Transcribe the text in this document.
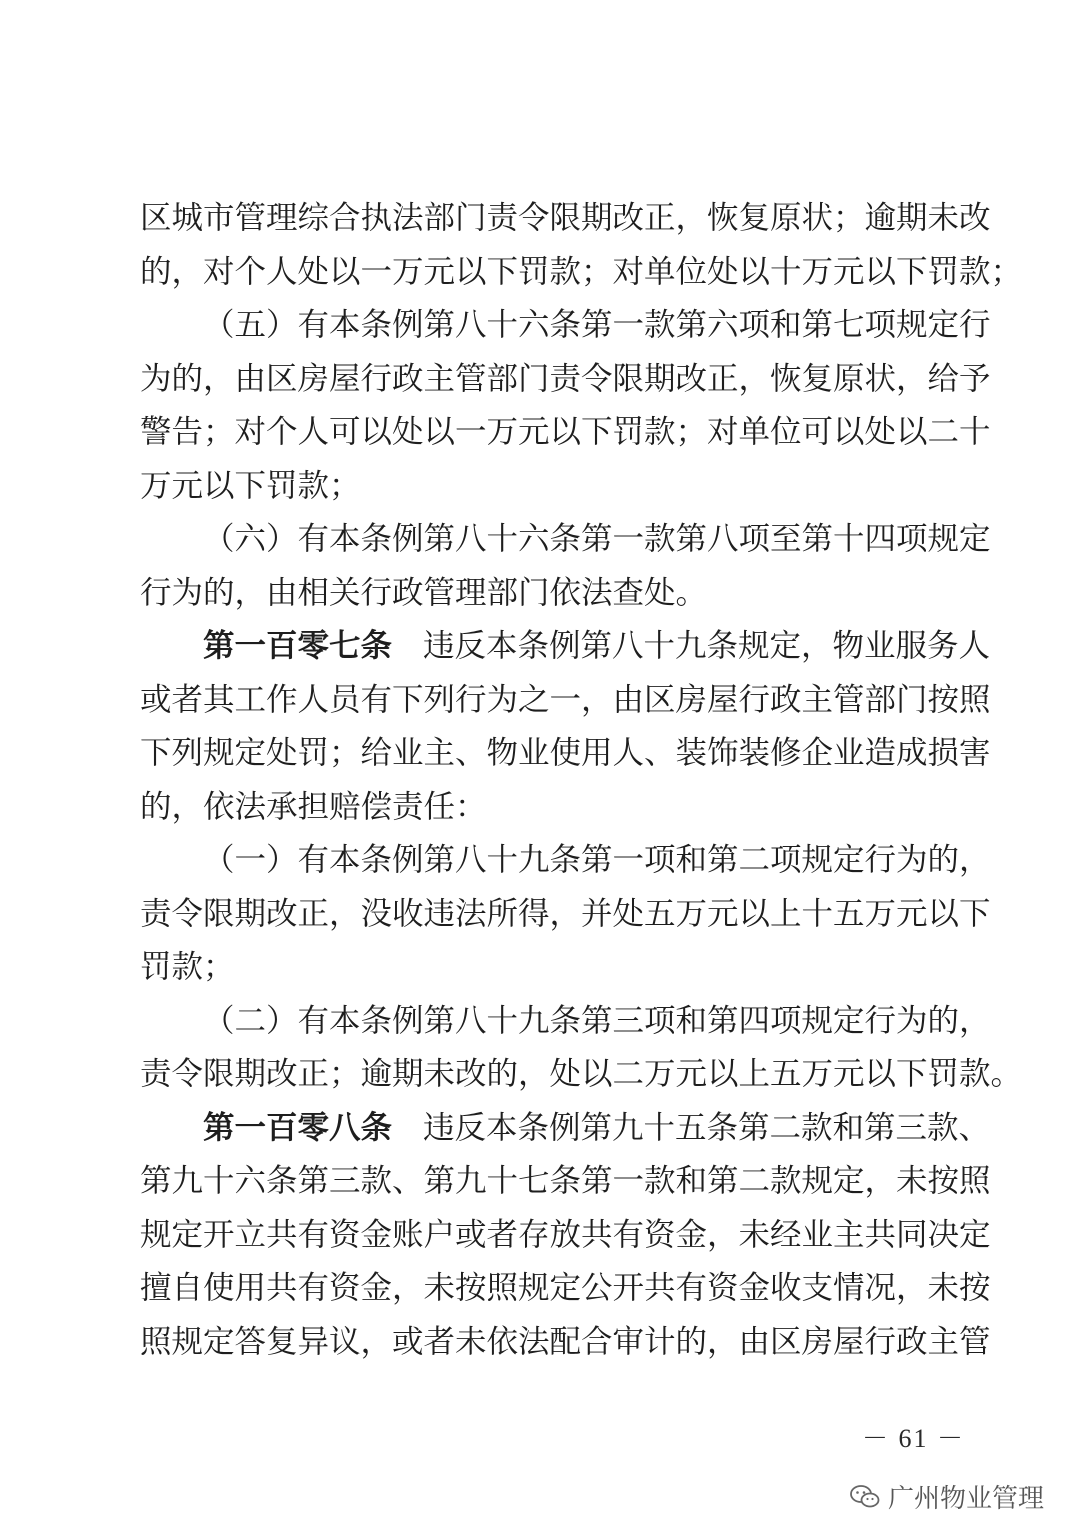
区城市管理综合执法部门责令限期改正，恢复原状；逾期未改
的，对个人处以一万元以下罚款；对单位处以十万元以下罚款；
（五）有本条例第八十六条第一款第六项和第七项规定行
为的，由区房屋行政主管部门责令限期改正，恢复原状，给予
警告；对个人可以处以一万元以下罚款；对单位可以处以二十
万元以下罚款；
（六）有本条例第八十六条第一款第八项至第十四项规定
行为的，由相关行政管理部门依法查处。
第一百零七条 违反本条例第八十九条规定，物业服务人
或者其工作人员有下列行为之一，由区房屋行政主管部门按照
下列规定处罚；给业主、物业使用人、装饰装修企业造成损害
的，依法承担赔偿责任：
（一）有本条例第八十九条第一项和第二项规定行为的，
责令限期改正，没收违法所得，并处五万元以上十五万元以下
罚款；
（二）有本条例第八十九条第三项和第四项规定行为的，
责令限期改正；逾期未改的，处以二万元以上五万元以下罚款。
第一百零八条 违反本条例第九十五条第二款和第三款、
第九十六条第三款、第九十七条第一款和第二款规定，未按照
规定开立共有资金账户或者存放共有资金，未经业主共同决定
擅自使用共有资金，未按照规定公开共有资金收支情况，未按
照规定答复异议，或者未依法配合审计的，由区房屋行政主管
－ 61 －
广州物业管理
